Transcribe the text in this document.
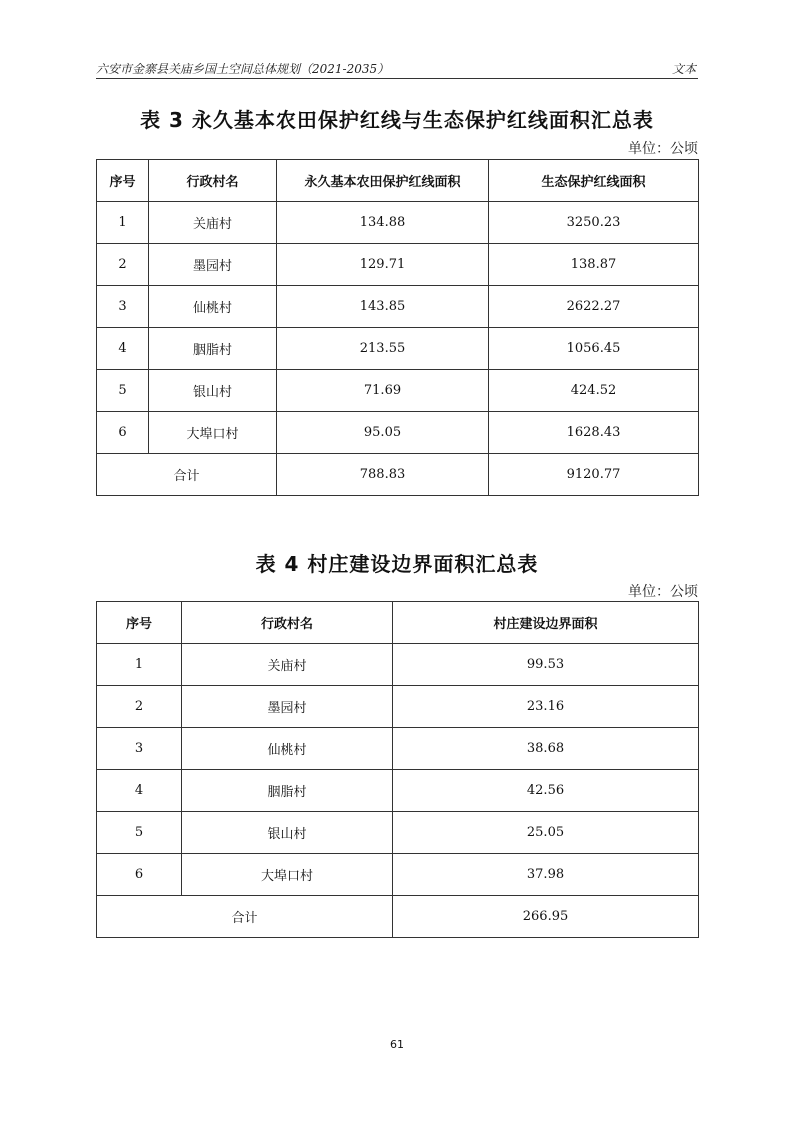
六安市金寨县关庙乡国土空间总体规划（2021-2035）	文本
表 3 永久基本农田保护红线与生态保护红线面积汇总表
单位：公顷
序号	行政村名	永久基本农田保护红线面积	生态保护红线面积
1	关庙村	134.88	3250.23
2	墨园村	129.71	138.87
3	仙桃村	143.85	2622.27
4	胭脂村	213.55	1056.45
5	银山村	71.69	424.52
6	大埠口村	95.05	1628.43
合计		788.83	9120.77
表 4 村庄建设边界面积汇总表
单位：公顷
序号	行政村名	村庄建设边界面积
1	关庙村	99.53
2	墨园村	23.16
3	仙桃村	38.68
4	胭脂村	42.56
5	银山村	25.05
6	大埠口村	37.98
合计		266.95
61
